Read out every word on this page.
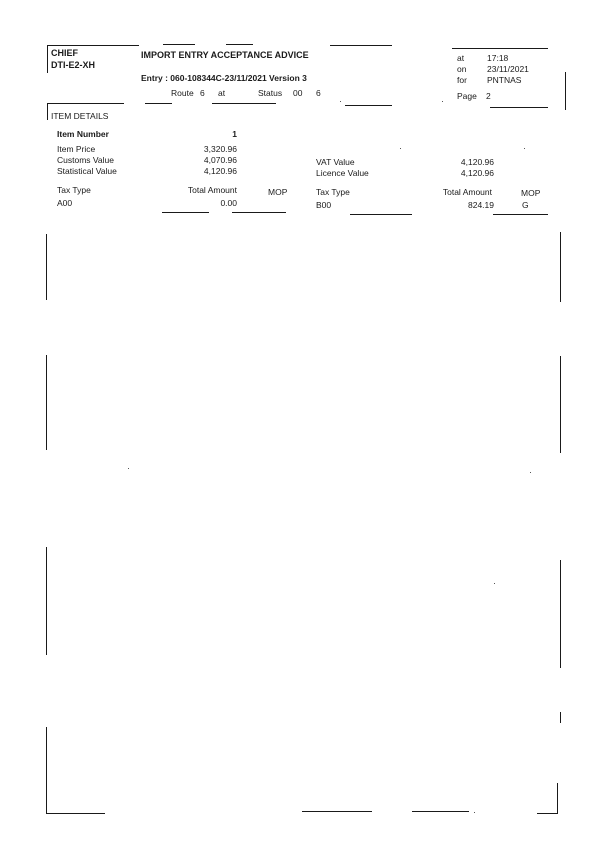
CHIEF
DTI-E2-XH
IMPORT ENTRY ACCEPTANCE ADVICE
Entry : 060-108344C-23/11/2021 Version 3
Route 6 at	Status 00 6
at	17:18
on 23/11/2021
for PNTNAS
Page 2
ITEM DETAILS
Item Number	1
Item Price	3,320.96
Customs Value	4,070.96
Statistical Value	4,120.96
VAT Value	4,120.96
Licence Value	4,120.96
Tax Type	Total Amount	MOP
A00	0.00
Tax Type	Total Amount	MOP
B00	824.19	G
